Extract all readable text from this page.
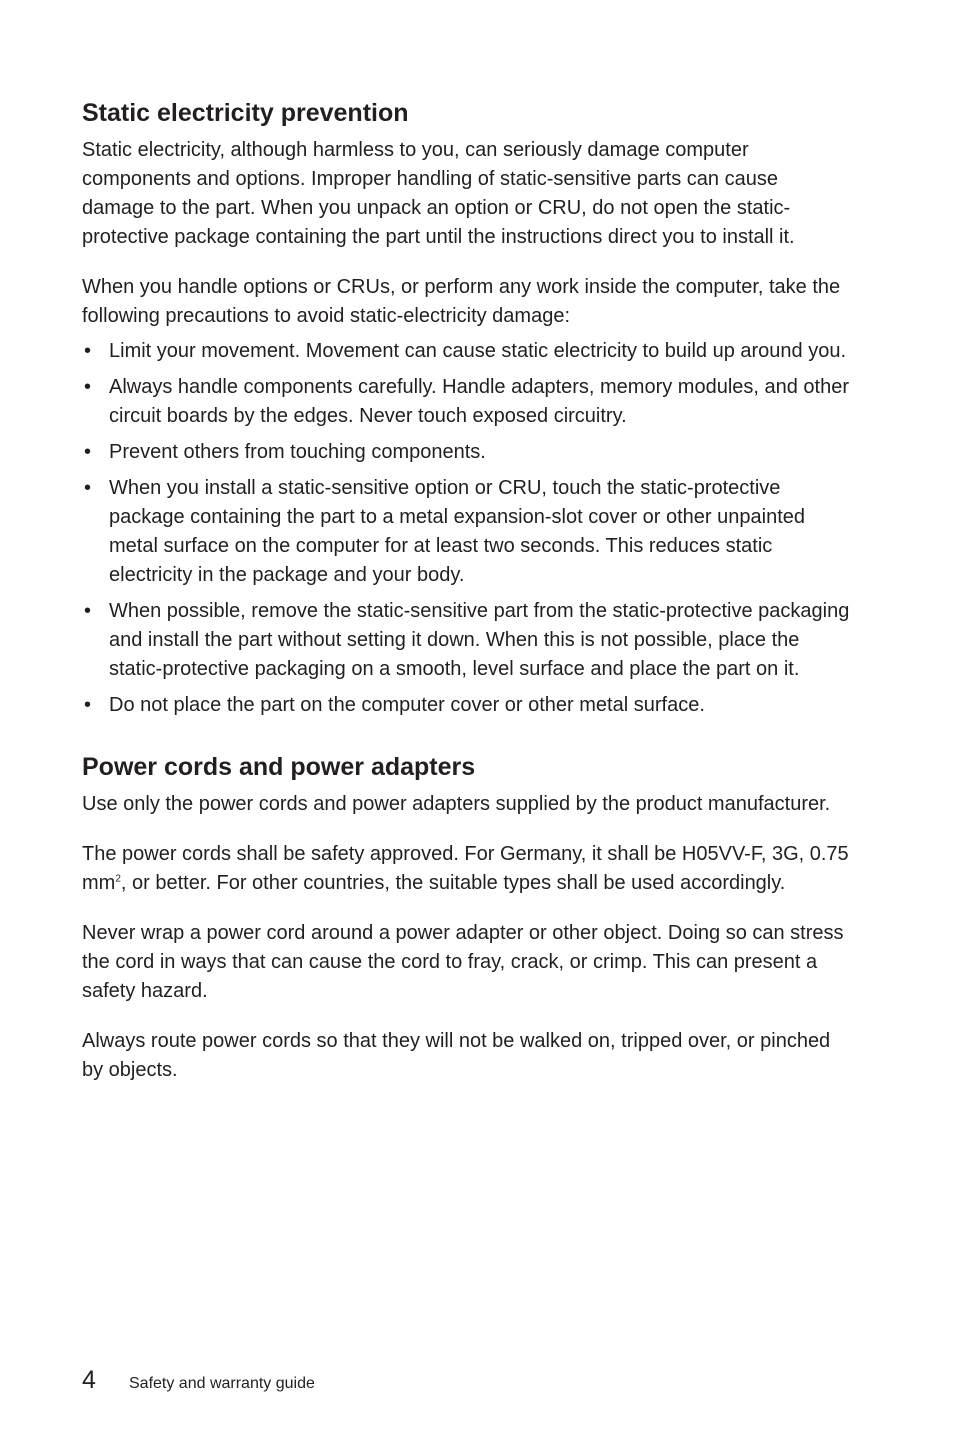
Static electricity prevention

Static electricity, although harmless to you, can seriously damage computer components and options. Improper handling of static-sensitive parts can cause damage to the part. When you unpack an option or CRU, do not open the static-protective package containing the part until the instructions direct you to install it.

When you handle options or CRUs, or perform any work inside the computer, take the following precautions to avoid static-electricity damage:

• Limit your movement. Movement can cause static electricity to build up around you.
• Always handle components carefully. Handle adapters, memory modules, and other circuit boards by the edges. Never touch exposed circuitry.
• Prevent others from touching components.
• When you install a static-sensitive option or CRU, touch the static-protective package containing the part to a metal expansion-slot cover or other unpainted metal surface on the computer for at least two seconds. This reduces static electricity in the package and your body.
• When possible, remove the static-sensitive part from the static-protective packaging and install the part without setting it down. When this is not possible, place the static-protective packaging on a smooth, level surface and place the part on it.
• Do not place the part on the computer cover or other metal surface.
Power cords and power adapters

Use only the power cords and power adapters supplied by the product manufacturer.

The power cords shall be safety approved. For Germany, it shall be H05VV-F, 3G, 0.75 $mm^2$, or better. For other countries, the suitable types shall be used accordingly.

Never wrap a power cord around a power adapter or other object. Doing so can stress the cord in ways that can cause the cord to fray, crack, or crimp. This can present a safety hazard.

Always route power cords so that they will not be walked on, tripped over, or pinched by objects.

4	Safety and warranty guide
